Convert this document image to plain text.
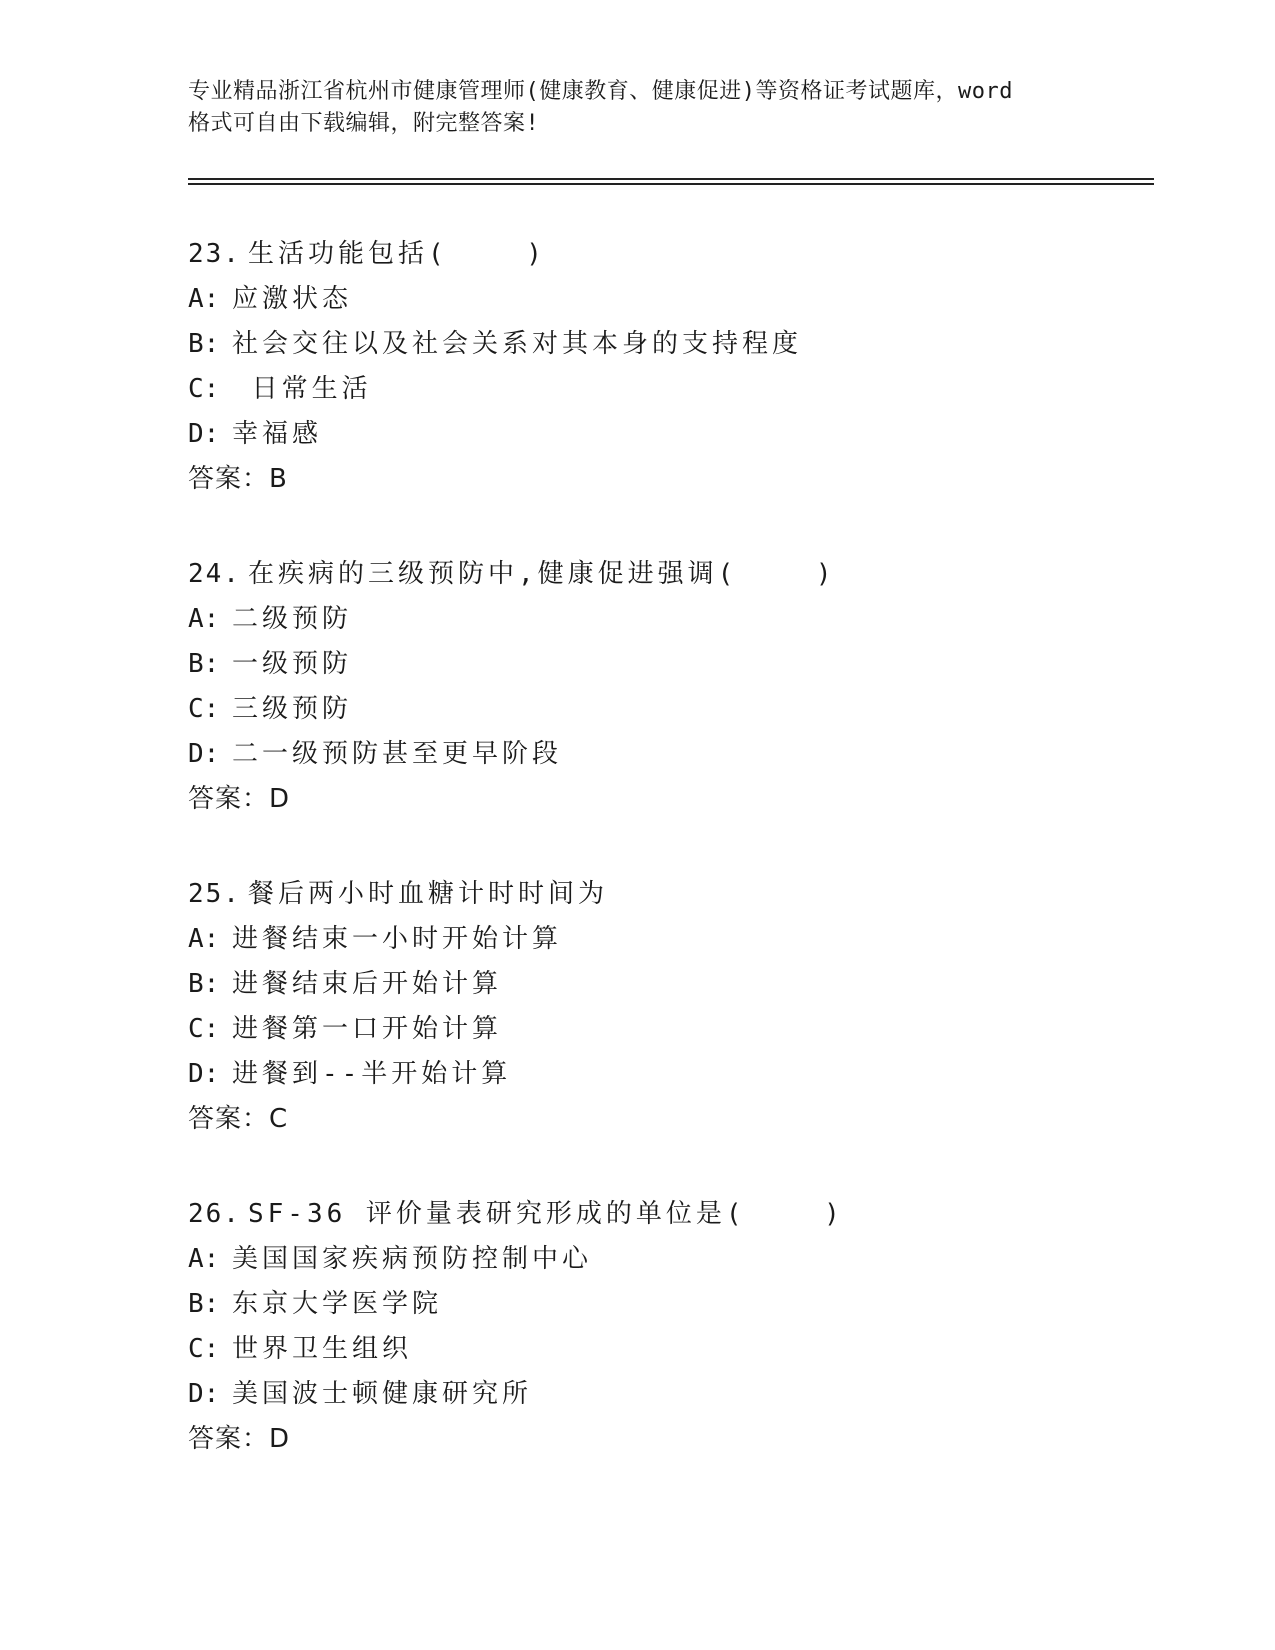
专业精品浙江省杭州市健康管理师(健康教育、健康促进)等资格证考试题库，word
格式可自由下载编辑，附完整答案!
23. 生活功能包括(    )
A: 应激状态
B: 社会交往以及社会关系对其本身的支持程度
C: 日常生活
D: 幸福感
答案：B
24. 在疾病的三级预防中,健康促进强调(    )
A: 二级预防
B: 一级预防
C: 三级预防
D: 二一级预防甚至更早阶段
答案：D
25. 餐后两小时血糖计时时间为
A: 进餐结束一小时开始计算
B: 进餐结束后开始计算
C: 进餐第一口开始计算
D: 进餐到--半开始计算
答案：C
26. SF-36 评价量表研究形成的单位是(    )
A: 美国国家疾病预防控制中心
B: 东京大学医学院
C: 世界卫生组织
D: 美国波士顿健康研究所
答案：D
